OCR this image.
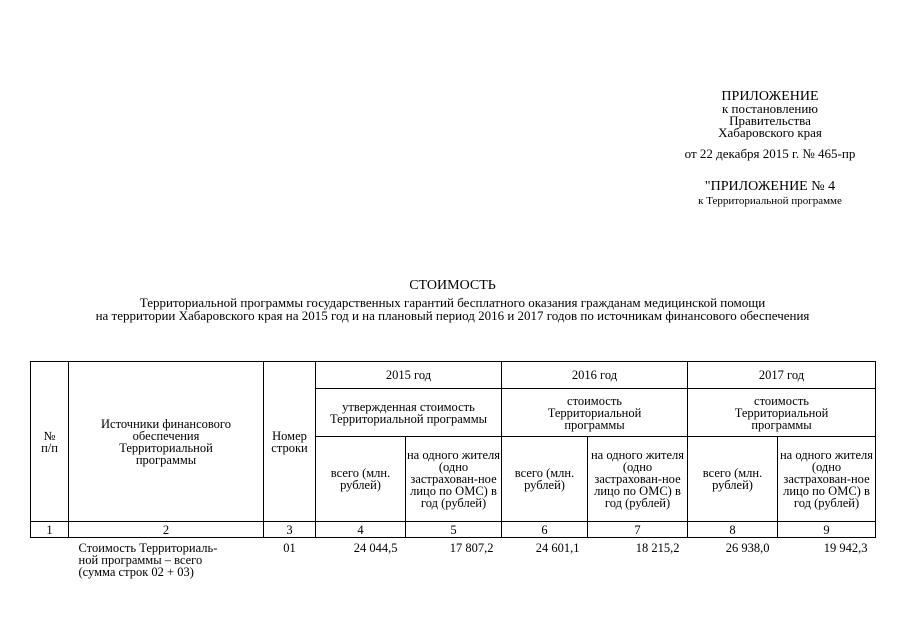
ПРИЛОЖЕНИЕ
к постановлению
Правительства
Хабаровского края
от 22 декабря 2015 г. № 465-пр
"ПРИЛОЖЕНИЕ № 4
к Территориальной программе
СТОИМОСТЬ
Территориальной программы государственных гарантий бесплатного оказания гражданам медицинской помощи
на территории Хабаровского края на 2015 год и на плановый период 2016 и 2017 годов по источникам финансового обеспечения
№ п/п	Источники финансового обеспечения Территориальной программы	Номер строки	2015 год		2016 год		2017 год	
			утвержденная стоимость Территориальной программы		стоимость Территориальной программы		стоимость Территориальной программы	
			всего (млн. рублей)	на одного жителя (одно застрахован-ное лицо по ОМС) в год (рублей)	всего (млн. рублей)	на одного жителя (одно застрахован-ное лицо по ОМС) в год (рублей)	всего (млн. рублей)	на одного жителя (одно застрахован-ное лицо по ОМС) в год (рублей)
1	2	3	4	5	6	7	8	9
	Стоимость Территориаль-ной программы – всего (сумма строк 02 + 03)	01	24 044,5	17 807,2	24 601,1	18 215,2	26 938,0	19 942,3
